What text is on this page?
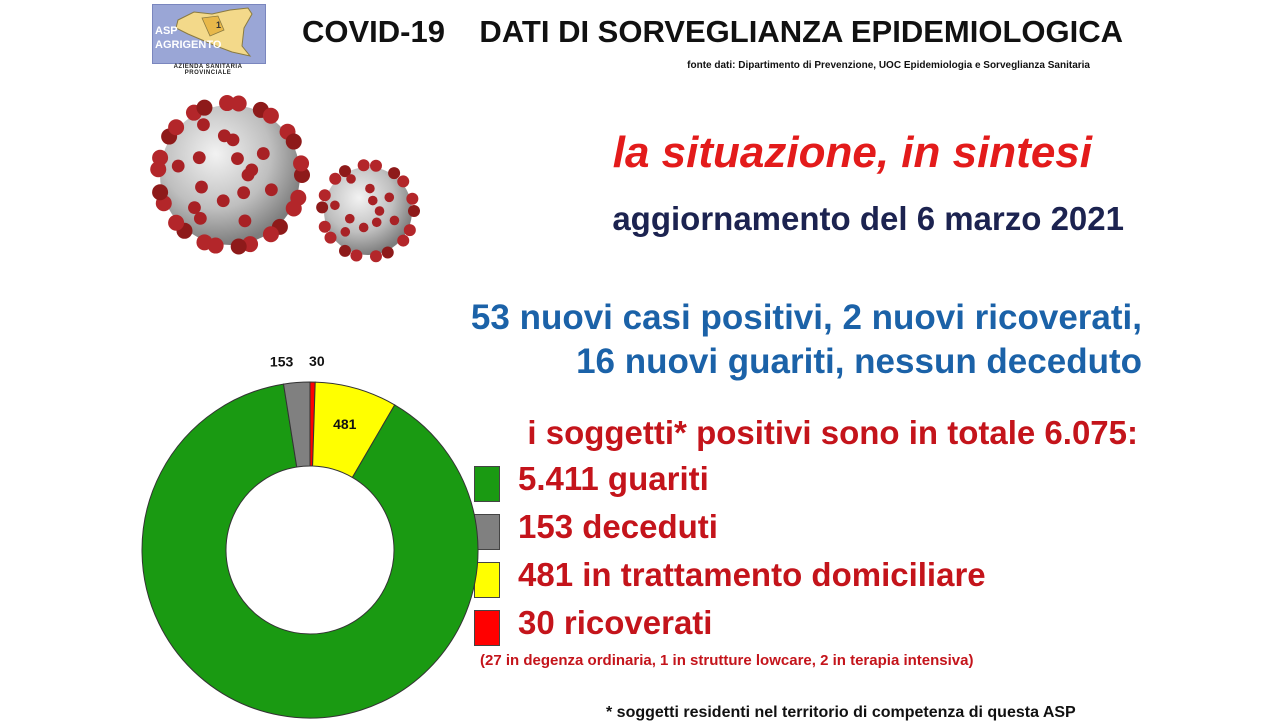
1
ASP
AGRIGENTO
AZIENDA SANITARIA PROVINCIALE
COVID-19    DATI DI SORVEGLIANZA EPIDEMIOLOGICA
fonte dati: Dipartimento di Prevenzione, UOC Epidemiologia e Sorveglianza Sanitaria
la situazione, in sintesi
aggiornamento del 6 marzo 2021
53 nuovi casi positivi, 2 nuovi ricoverati,
16 nuovi guariti, nessun deceduto
i soggetti* positivi sono in totale 6.075:
5.411 guariti
153 deceduti
481 in trattamento domiciliare
30 ricoverati
(27 in degenza ordinaria, 1 in strutture lowcare, 2 in terapia intensiva)
* soggetti residenti nel territorio di competenza di questa ASP
30
481
153
